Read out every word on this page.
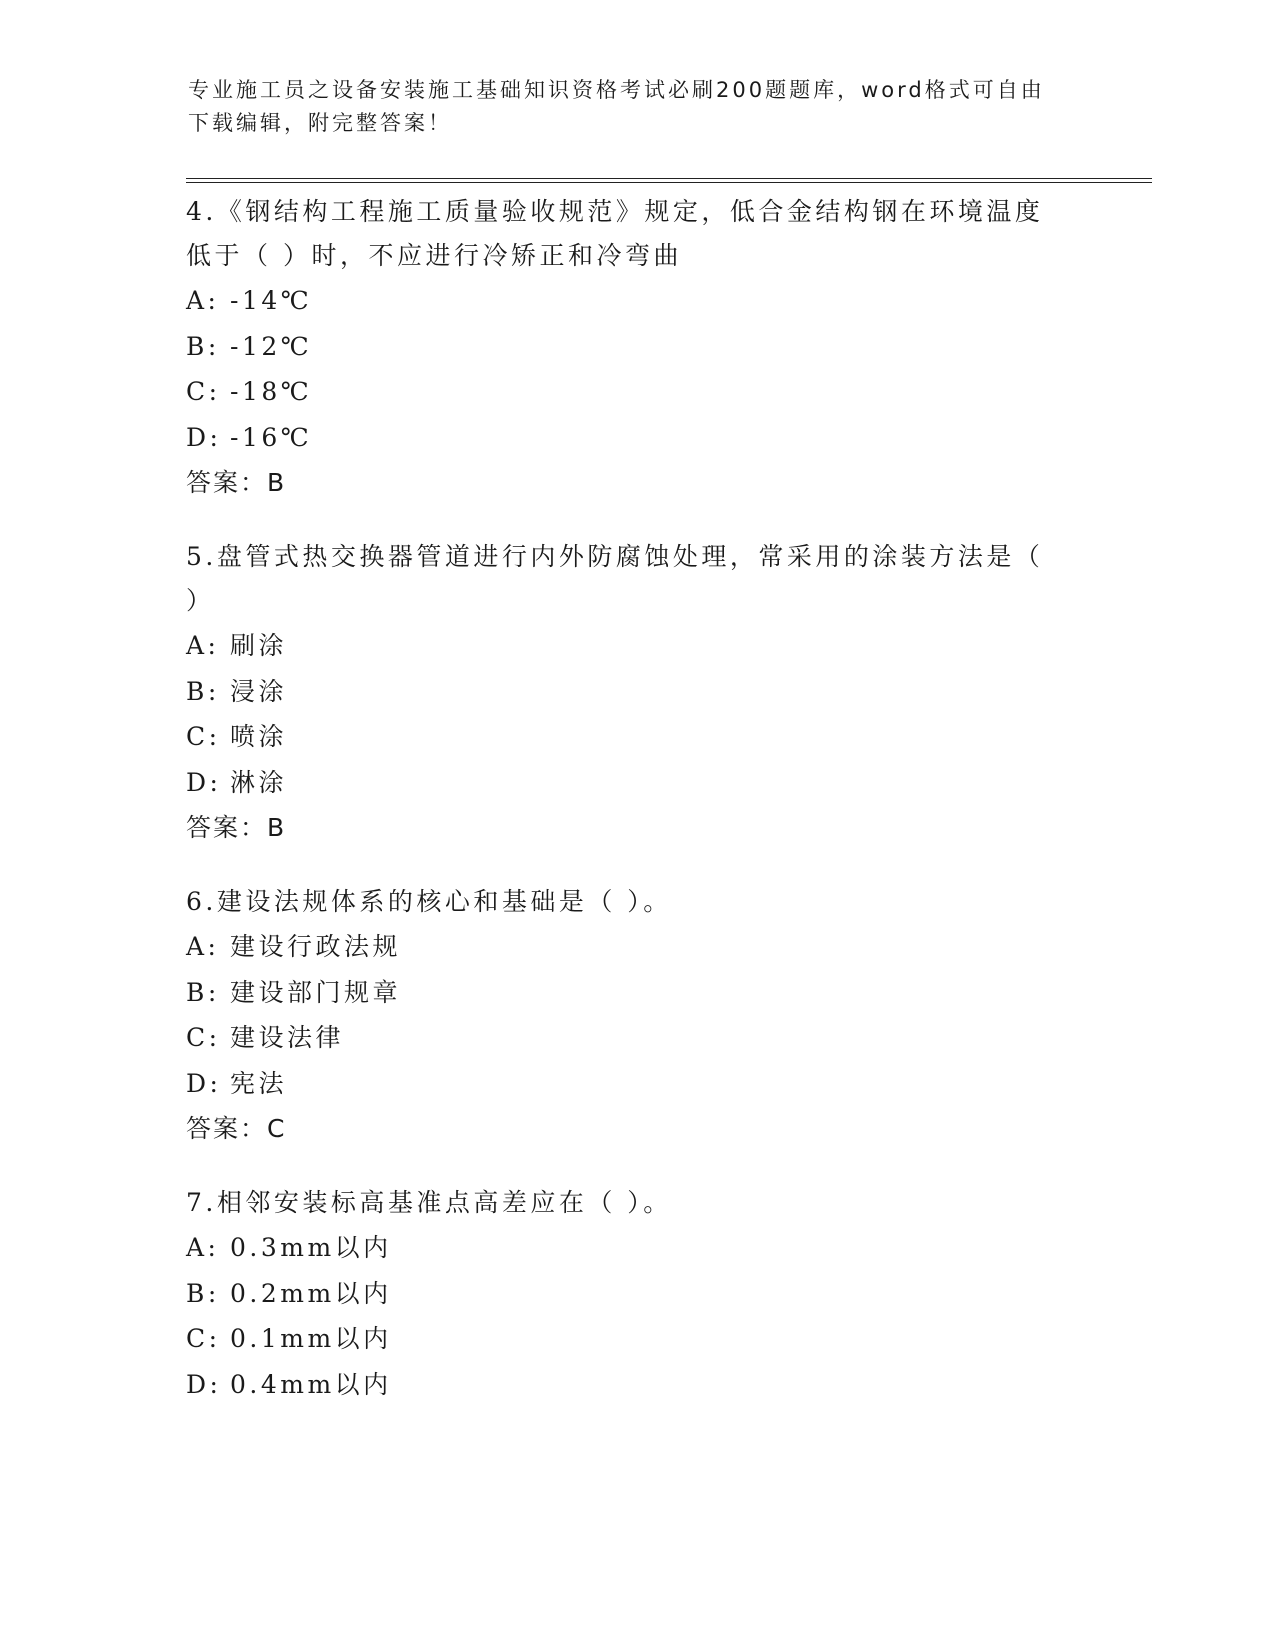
专业施工员之设备安装施工基础知识资格考试必刷200题题库，word格式可自由
下载编辑，附完整答案！
4.《钢结构工程施工质量验收规范》规定，低合金结构钢在环境温度
低于（ ）时，不应进行冷矫正和冷弯曲
A: -14℃
B: -12℃
C: -18℃
D: -16℃
答案：B
5.盘管式热交换器管道进行内外防腐蚀处理，常采用的涂装方法是（
）
A: 刷涂
B: 浸涂
C: 喷涂
D: 淋涂
答案：B
6.建设法规体系的核心和基础是（ ）。
A: 建设行政法规
B: 建设部门规章
C: 建设法律
D: 宪法
答案：C
7.相邻安装标高基准点高差应在（ ）。
A: 0.3mm以内
B: 0.2mm以内
C: 0.1mm以内
D: 0.4mm以内
